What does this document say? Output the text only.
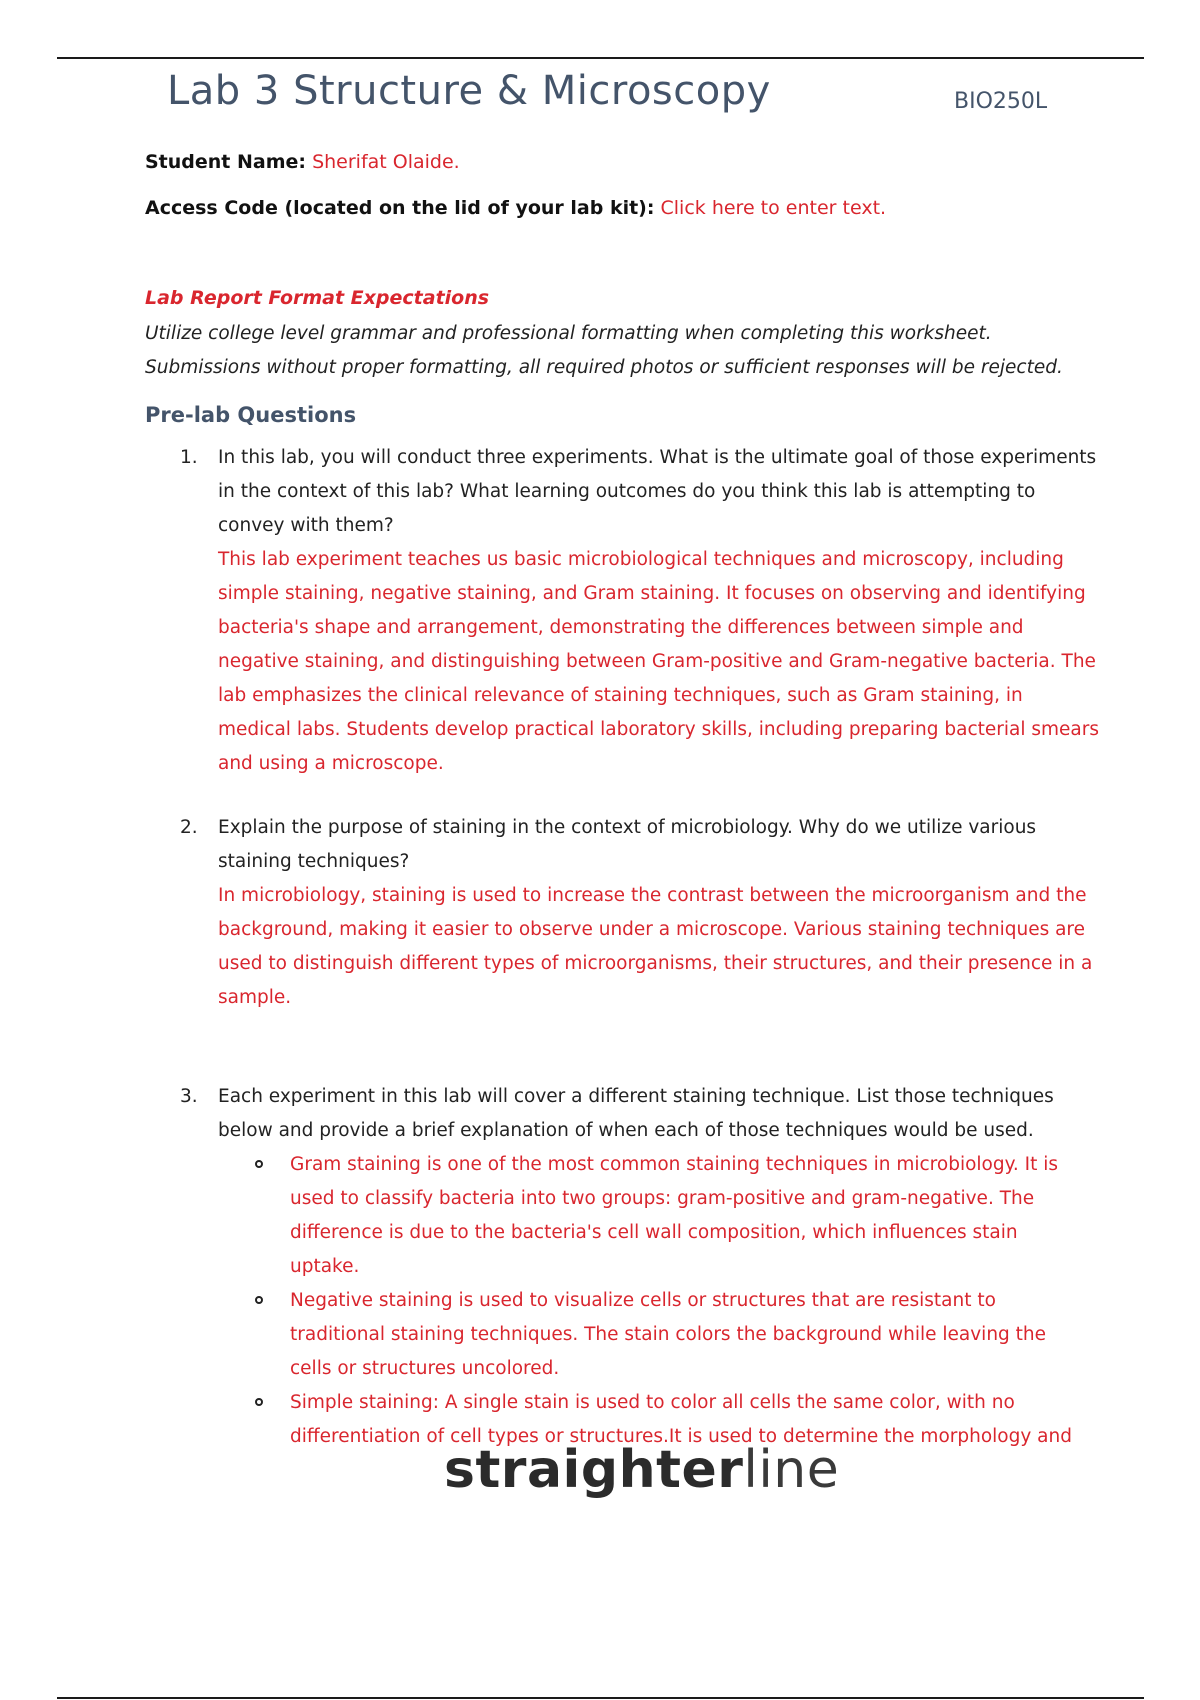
Lab 3 Structure & Microscopy	BIO250L
Student Name: Sherifat Olaide.
Access Code (located on the lid of your lab kit): Click here to enter text.
Lab Report Format Expectations
Utilize college level grammar and professional formatting when completing this worksheet.
Submissions without proper formatting, all required photos or sufficient responses will be rejected.
Pre-lab Questions
1. In this lab, you will conduct three experiments. What is the ultimate goal of those experiments in the context of this lab? What learning outcomes do you think this lab is attempting to convey with them?
This lab experiment teaches us basic microbiological techniques and microscopy, including simple staining, negative staining, and Gram staining. It focuses on observing and identifying bacteria's shape and arrangement, demonstrating the differences between simple and negative staining, and distinguishing between Gram-positive and Gram-negative bacteria. The lab emphasizes the clinical relevance of staining techniques, such as Gram staining, in medical labs. Students develop practical laboratory skills, including preparing bacterial smears and using a microscope.
2. Explain the purpose of staining in the context of microbiology. Why do we utilize various staining techniques?
In microbiology, staining is used to increase the contrast between the microorganism and the background, making it easier to observe under a microscope. Various staining techniques are used to distinguish different types of microorganisms, their structures, and their presence in a sample.
3. Each experiment in this lab will cover a different staining technique. List those techniques below and provide a brief explanation of when each of those techniques would be used.
Gram staining is one of the most common staining techniques in microbiology. It is used to classify bacteria into two groups: gram-positive and gram-negative. The difference is due to the bacteria's cell wall composition, which influences stain uptake.
Negative staining is used to visualize cells or structures that are resistant to traditional staining techniques. The stain colors the background while leaving the cells or structures uncolored.
Simple staining: A single stain is used to color all cells the same color, with no differentiation of cell types or structures.It is used to determine the morphology and
straighterline
